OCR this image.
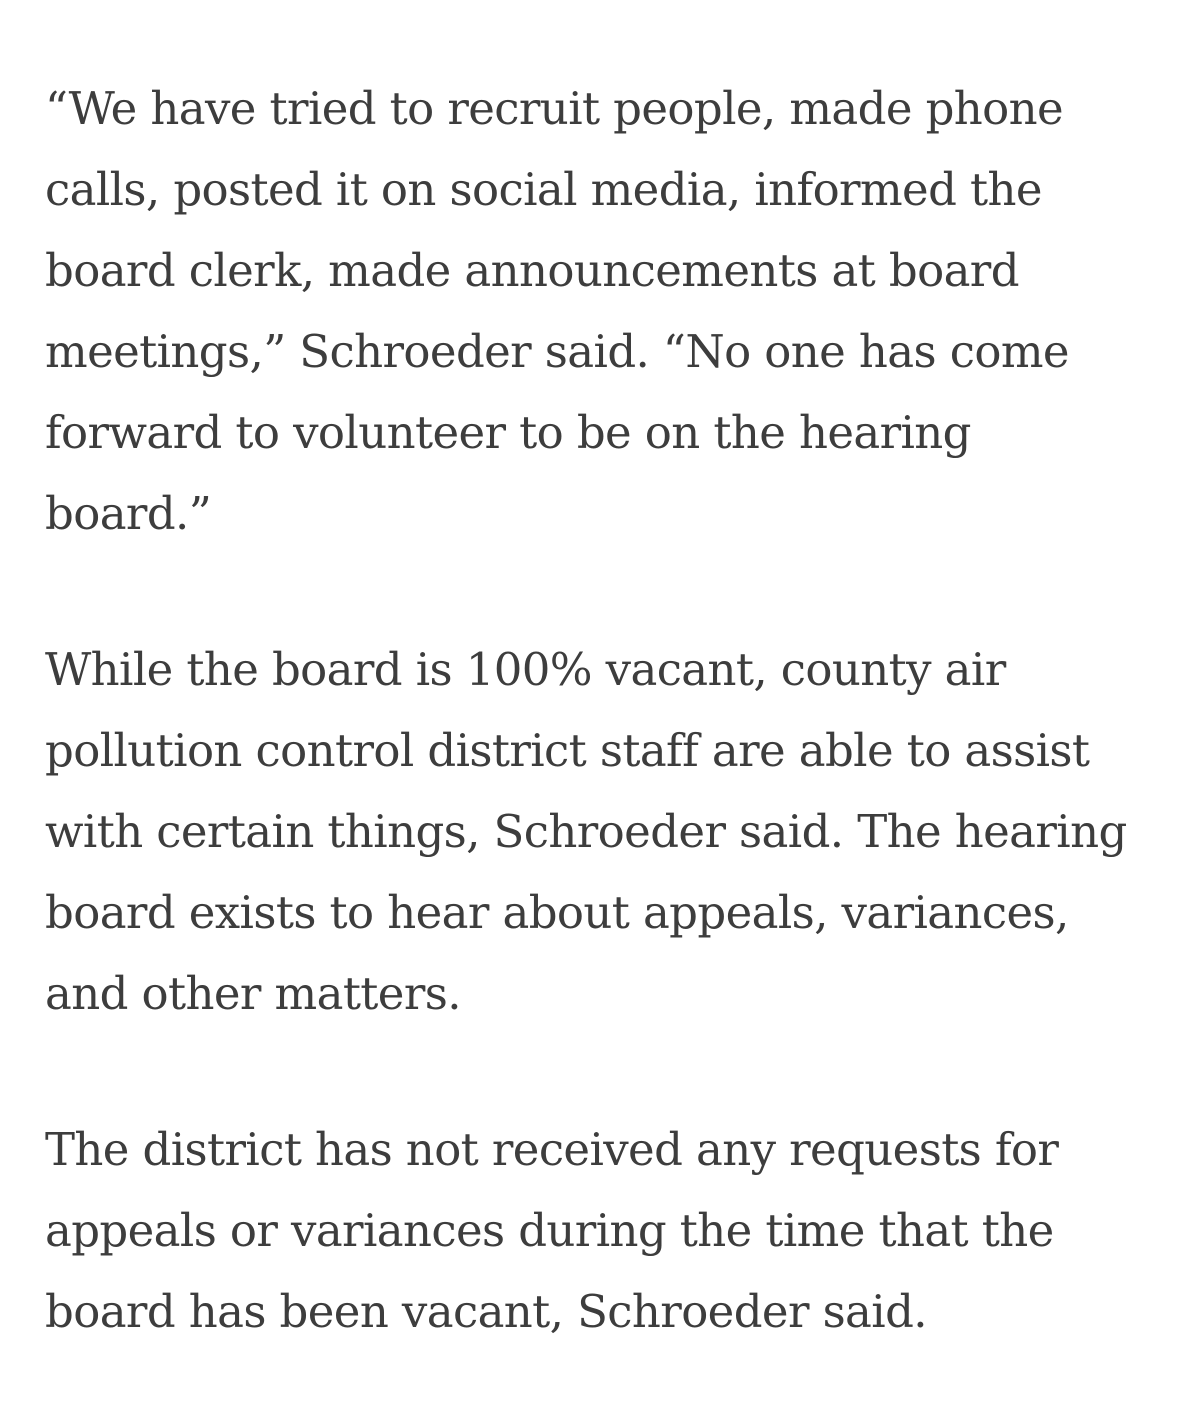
“We have tried to recruit people, made phone
calls, posted it on social media, informed the
board clerk, made announcements at board
meetings,” Schroeder said. “No one has come
forward to volunteer to be on the hearing
board.”

While the board is 100% vacant, county air
pollution control district staff are able to assist
with certain things, Schroeder said. The hearing
board exists to hear about appeals, variances,
and other matters.

The district has not received any requests for
appeals or variances during the time that the
board has been vacant, Schroeder said.
